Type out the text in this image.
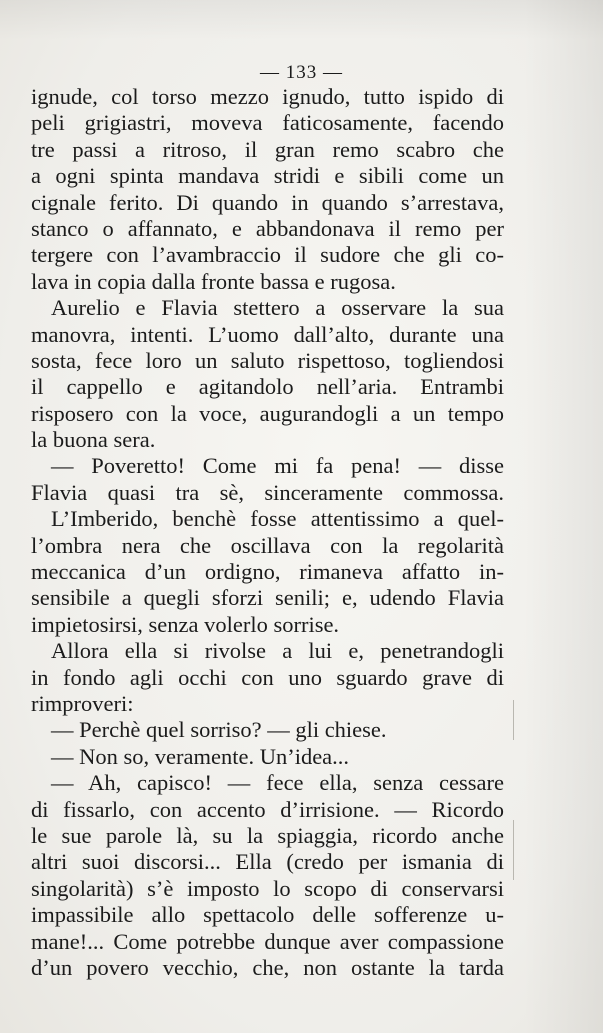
— 133 —
ignude, col torso mezzo ignudo, tutto ispido di
peli grigiastri, moveva faticosamente, facendo
tre passi a ritroso, il gran remo scabro che
a ogni spinta mandava stridi e sibili come un
cignale ferito. Di quando in quando s’arrestava,
stanco o affannato, e abbandonava il remo per
tergere con l’avambraccio il sudore che gli co-
lava in copia dalla fronte bassa e rugosa.
Aurelio e Flavia stettero a osservare la sua
manovra, intenti. L’uomo dall’alto, durante una
sosta, fece loro un saluto rispettoso, togliendosi
il cappello e agitandolo nell’aria. Entrambi
risposero con la voce, augurandogli a un tempo
la buona sera.
— Poveretto! Come mi fa pena! — disse
Flavia quasi tra sè, sinceramente commossa.
L’Imberido, benchè fosse attentissimo a quel-
l’ombra nera che oscillava con la regolarità
meccanica d’un ordigno, rimaneva affatto in-
sensibile a quegli sforzi senili; e, udendo Flavia
impietosirsi, senza volerlo sorrise.
Allora ella si rivolse a lui e, penetrandogli
in fondo agli occhi con uno sguardo grave di
rimproveri:
— Perchè quel sorriso? — gli chiese.
— Non so, veramente. Un’idea...
— Ah, capisco! — fece ella, senza cessare
di fissarlo, con accento d’irrisione. — Ricordo
le sue parole là, su la spiaggia, ricordo anche
altri suoi discorsi... Ella (credo per ismania di
singolarità) s’è imposto lo scopo di conservarsi
impassibile allo spettacolo delle sofferenze u-
mane!... Come potrebbe dunque aver compassione
d’un povero vecchio, che, non ostante la tarda
